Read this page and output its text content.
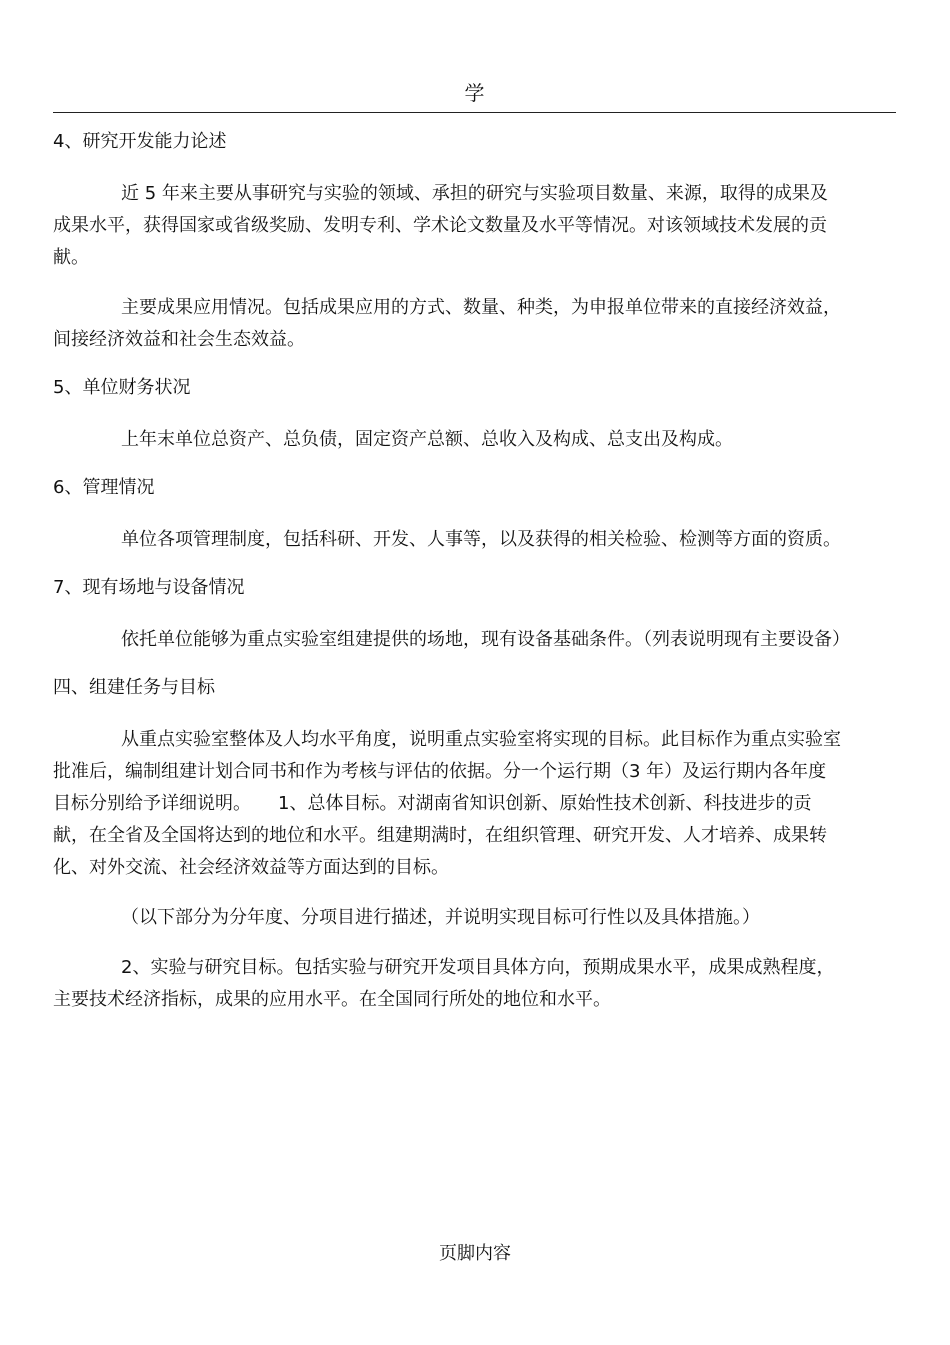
学
4、研究开发能力论述

近 5 年来主要从事研究与实验的领域、承担的研究与实验项目数量、来源，取得的成果及成果水平，获得国家或省级奖励、发明专利、学术论文数量及水平等情况。对该领域技术发展的贡献。

主要成果应用情况。包括成果应用的方式、数量、种类，为申报单位带来的直接经济效益，间接经济效益和社会生态效益。

5、单位财务状况

上年末单位总资产、总负债，固定资产总额、总收入及构成、总支出及构成。

6、管理情况

单位各项管理制度，包括科研、开发、人事等，以及获得的相关检验、检测等方面的资质。

7、现有场地与设备情况

依托单位能够为重点实验室组建提供的场地，现有设备基础条件。（列表说明现有主要设备）

四、组建任务与目标

从重点实验室整体及人均水平角度，说明重点实验室将实现的目标。此目标作为重点实验室批准后，编制组建计划合同书和作为考核与评估的依据。分一个运行期（3 年）及运行期内各年度目标分别给予详细说明。　　1、总体目标。对湖南省知识创新、原始性技术创新、科技进步的贡献，在全省及全国将达到的地位和水平。组建期满时，在组织管理、研究开发、人才培养、成果转化、对外交流、社会经济效益等方面达到的目标。

（以下部分为分年度、分项目进行描述，并说明实现目标可行性以及具体措施。）

2、实验与研究目标。包括实验与研究开发项目具体方向，预期成果水平，成果成熟程度，主要技术经济指标，成果的应用水平。在全国同行所处的地位和水平。

页脚内容
